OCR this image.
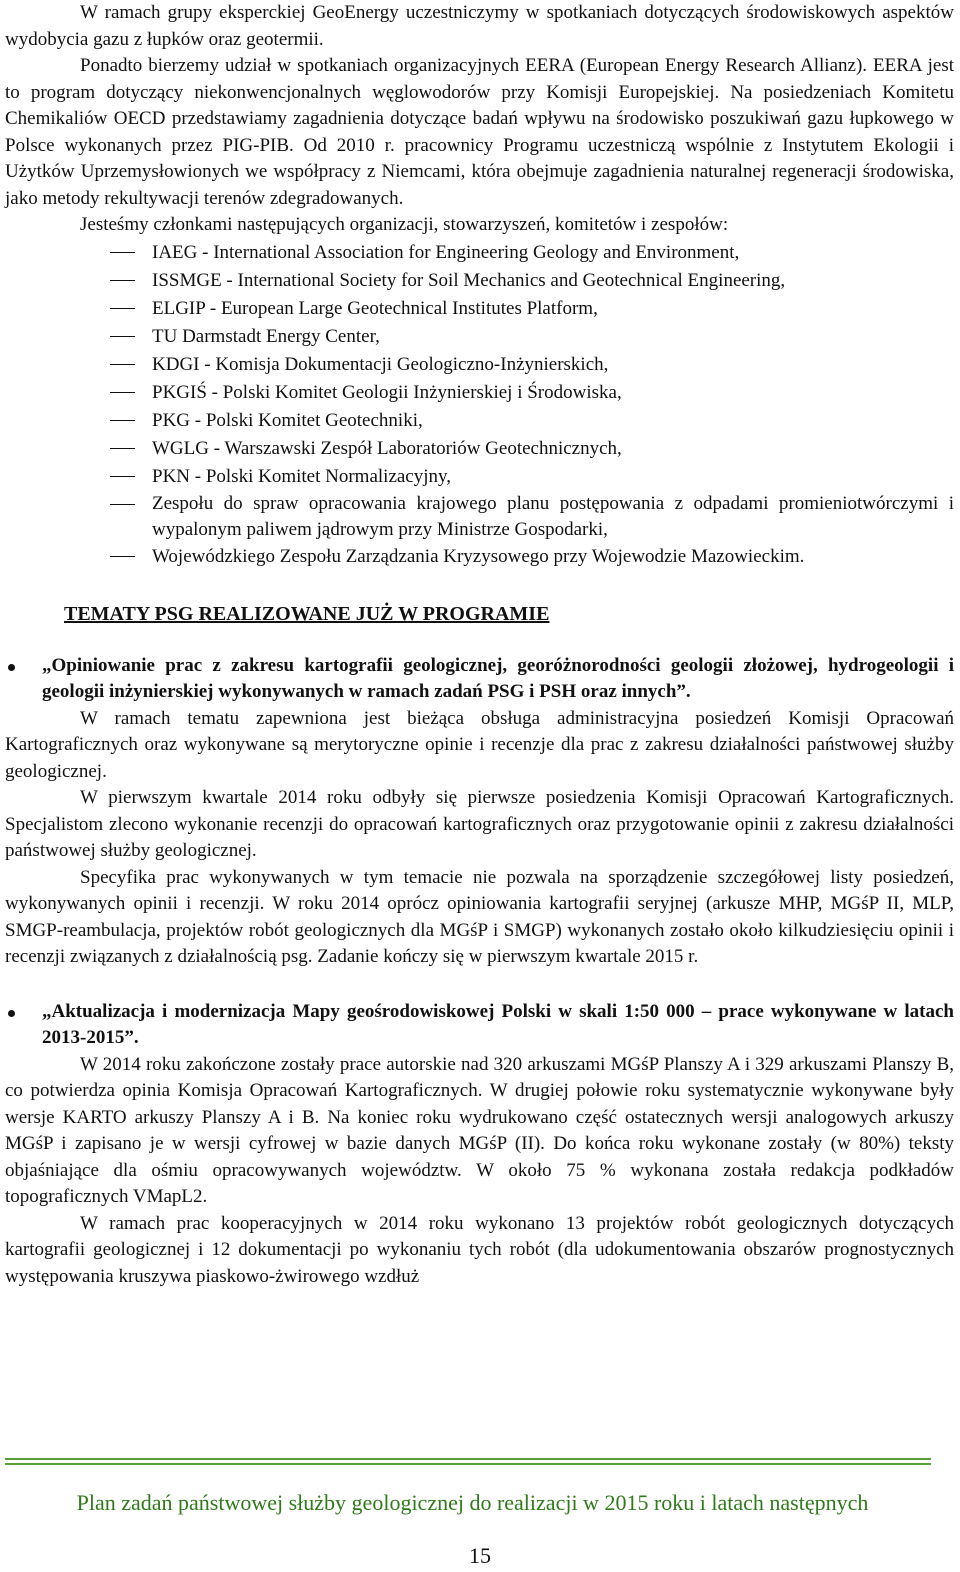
W ramach grupy eksperckiej GeoEnergy uczestniczymy w spotkaniach dotyczących środowiskowych aspektów wydobycia gazu z łupków oraz geotermii.

Ponadto bierzemy udział w spotkaniach organizacyjnych EERA (European Energy Research Allianz). EERA jest to program dotyczący niekonwencjonalnych węglowodorów przy Komisji Europejskiej. Na posiedzeniach Komitetu Chemikaliów OECD przedstawiamy zagadnienia dotyczące badań wpływu na środowisko poszukiwań gazu łupkowego w Polsce wykonanych przez PIG-PIB. Od 2010 r. pracownicy Programu uczestniczą wspólnie z Instytutem Ekologii i Użytków Uprzemysłowionych we współpracy z Niemcami, która obejmuje zagadnienia naturalnej regeneracji środowiska, jako metody rekultywacji terenów zdegradowanych.

Jesteśmy członkami następujących organizacji, stowarzyszeń, komitetów i zespołów:

IAEG - International Association for Engineering Geology and Environment,
ISSMGE - International Society for Soil Mechanics and Geotechnical Engineering,
ELGIP - European Large Geotechnical Institutes Platform,
TU Darmstadt Energy Center,
KDGI - Komisja Dokumentacji Geologiczno-Inżynierskich,
PKGIŚ - Polski Komitet Geologii Inżynierskiej i Środowiska,
PKG - Polski Komitet Geotechniki,
WGLG - Warszawski Zespół Laboratoriów Geotechnicznych,
PKN - Polski Komitet Normalizacyjny,
Zespołu do spraw opracowania krajowego planu postępowania z odpadami promieniotwórczymi i wypalonym paliwem jądrowym przy Ministrze Gospodarki,
Wojewódzkiego Zespołu Zarządzania Kryzysowego przy Wojewodzie Mazowieckim.
TEMATY PSG REALIZOWANE JUŻ W PROGRAMIE
„Opiniowanie prac z zakresu kartografii geologicznej, georóżnorodności geologii złożowej, hydrogeologii i geologii inżynierskiej wykonywanych w ramach zadań PSG i PSH oraz innych”.

W ramach tematu zapewniona jest bieżąca obsługa administracyjna posiedzeń Komisji Opracowań Kartograficznych oraz wykonywane są merytoryczne opinie i recenzje dla prac z zakresu działalności państwowej służby geologicznej.

W pierwszym kwartale 2014 roku odbyły się pierwsze posiedzenia Komisji Opracowań Kartograficznych. Specjalistom zlecono wykonanie recenzji do opracowań kartograficznych oraz przygotowanie opinii z zakresu działalności państwowej służby geologicznej.

Specyfika prac wykonywanych w tym temacie nie pozwala na sporządzenie szczegółowej listy posiedzeń, wykonywanych opinii i recenzji. W roku 2014 oprócz opiniowania kartografii seryjnej (arkusze MHP, MGśP II, MLP, SMGP-reambulacja, projektów robót geologicznych dla MGśP i SMGP) wykonanych zostało około kilkudziesięciu opinii i recenzji związanych z działalnością psg. Zadanie kończy się w pierwszym kwartale 2015 r.

„Aktualizacja i modernizacja Mapy geośrodowiskowej Polski w skali 1:50 000 – prace wykonywane w latach 2013-2015”.

W 2014 roku zakończone zostały prace autorskie nad 320 arkuszami MGśP Planszy A i 329 arkuszami Planszy B, co potwierdza opinia Komisja Opracowań Kartograficznych. W drugiej połowie roku systematycznie wykonywane były wersje KARTO arkuszy Planszy A i B. Na koniec roku wydrukowano część ostatecznych wersji analogowych arkuszy MGśP i zapisano je w wersji cyfrowej w bazie danych MGśP (II). Do końca roku wykonane zostały (w 80%) teksty objaśniające dla ośmiu opracowywanych województw. W około 75 % wykonana została redakcja podkładów topograficznych VMapL2.

W ramach prac kooperacyjnych w 2014 roku wykonano 13 projektów robót geologicznych dotyczących kartografii geologicznej i 12 dokumentacji po wykonaniu tych robót (dla udokumentowania obszarów prognostycznych występowania kruszywa piaskowo-żwirowego wzdłuż

Plan zadań państwowej służby geologicznej do realizacji w 2015 roku i latach następnych
15
